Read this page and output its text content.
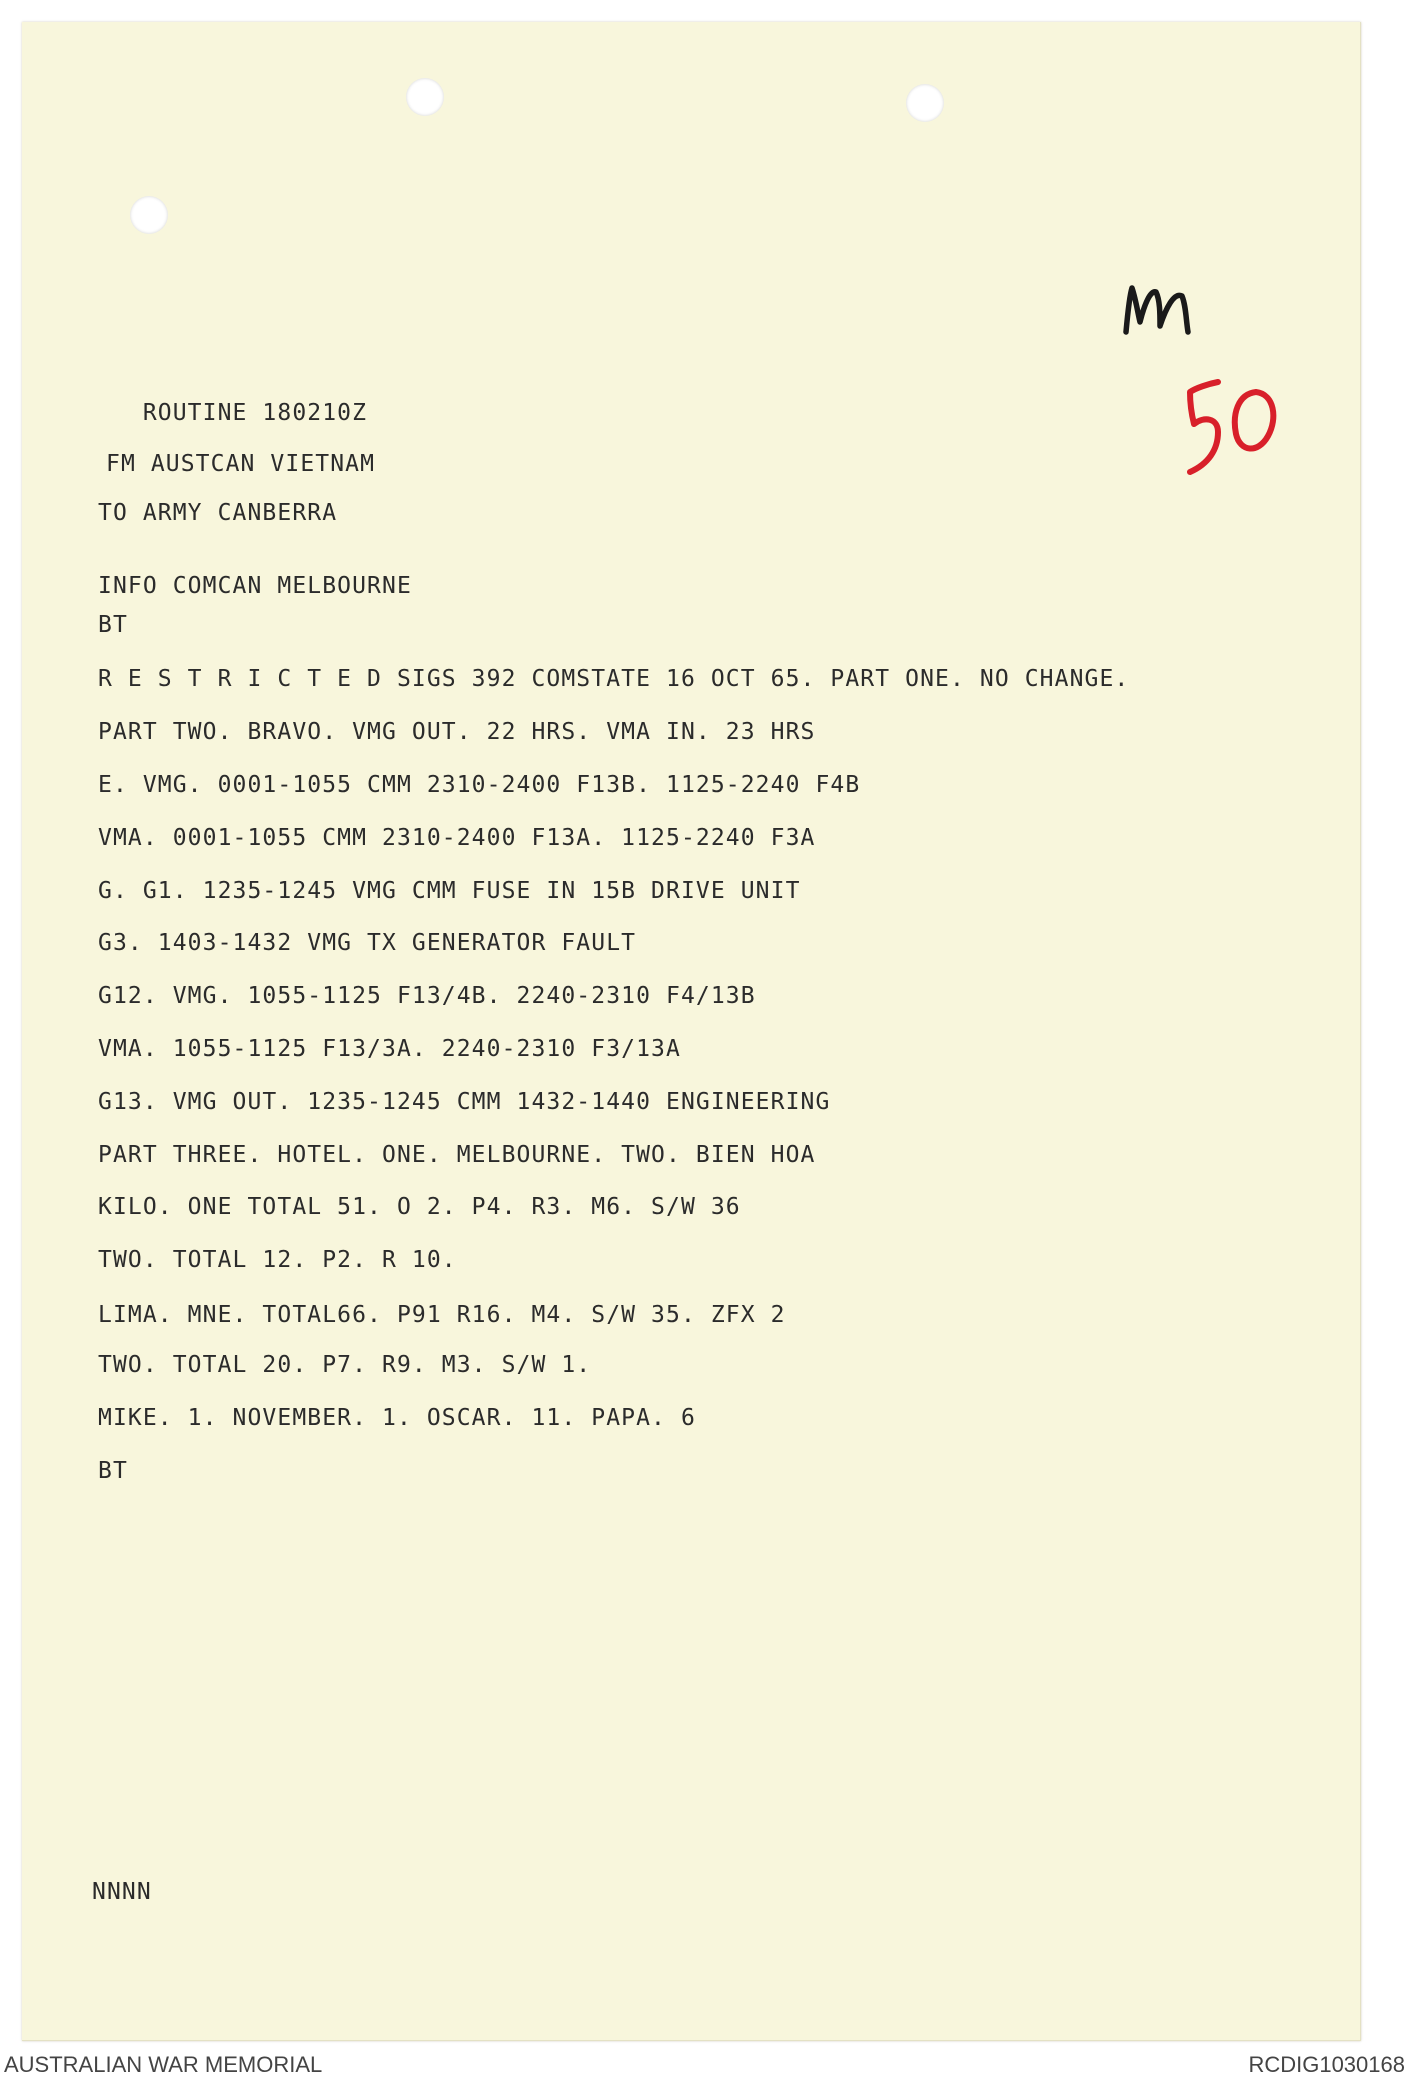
ROUTINE 180210Z
FM AUSTCAN VIETNAM
TO ARMY CANBERRA
INFO COMCAN MELBOURNE
BT
R E S T R I C T E D SIGS 392 COMSTATE 16 OCT 65. PART ONE. NO CHANGE.
PART TWO. BRAVO. VMG OUT. 22 HRS. VMA IN. 23 HRS
E. VMG. 0001-1055 CMM 2310-2400 F13B. 1125-2240 F4B
VMA. 0001-1055 CMM 2310-2400 F13A. 1125-2240 F3A
G. G1. 1235-1245 VMG CMM FUSE IN 15B DRIVE UNIT
G3. 1403-1432 VMG TX GENERATOR FAULT
G12. VMG. 1055-1125 F13/4B. 2240-2310 F4/13B
VMA. 1055-1125 F13/3A. 2240-2310 F3/13A
G13. VMG OUT. 1235-1245 CMM 1432-1440 ENGINEERING
PART THREE. HOTEL. ONE. MELBOURNE. TWO. BIEN HOA
KILO. ONE TOTAL 51. O 2. P4. R3. M6. S/W 36
TWO. TOTAL 12. P2. R 10.
LIMA. MNE. TOTAL66. P91 R16. M4. S/W 35. ZFX 2
TWO. TOTAL 20. P7. R9. M3. S/W 1.
MIKE. 1. NOVEMBER. 1. OSCAR. 11. PAPA. 6
BT
NNNN
AUSTRALIAN WAR MEMORIAL	RCDIG1030168
